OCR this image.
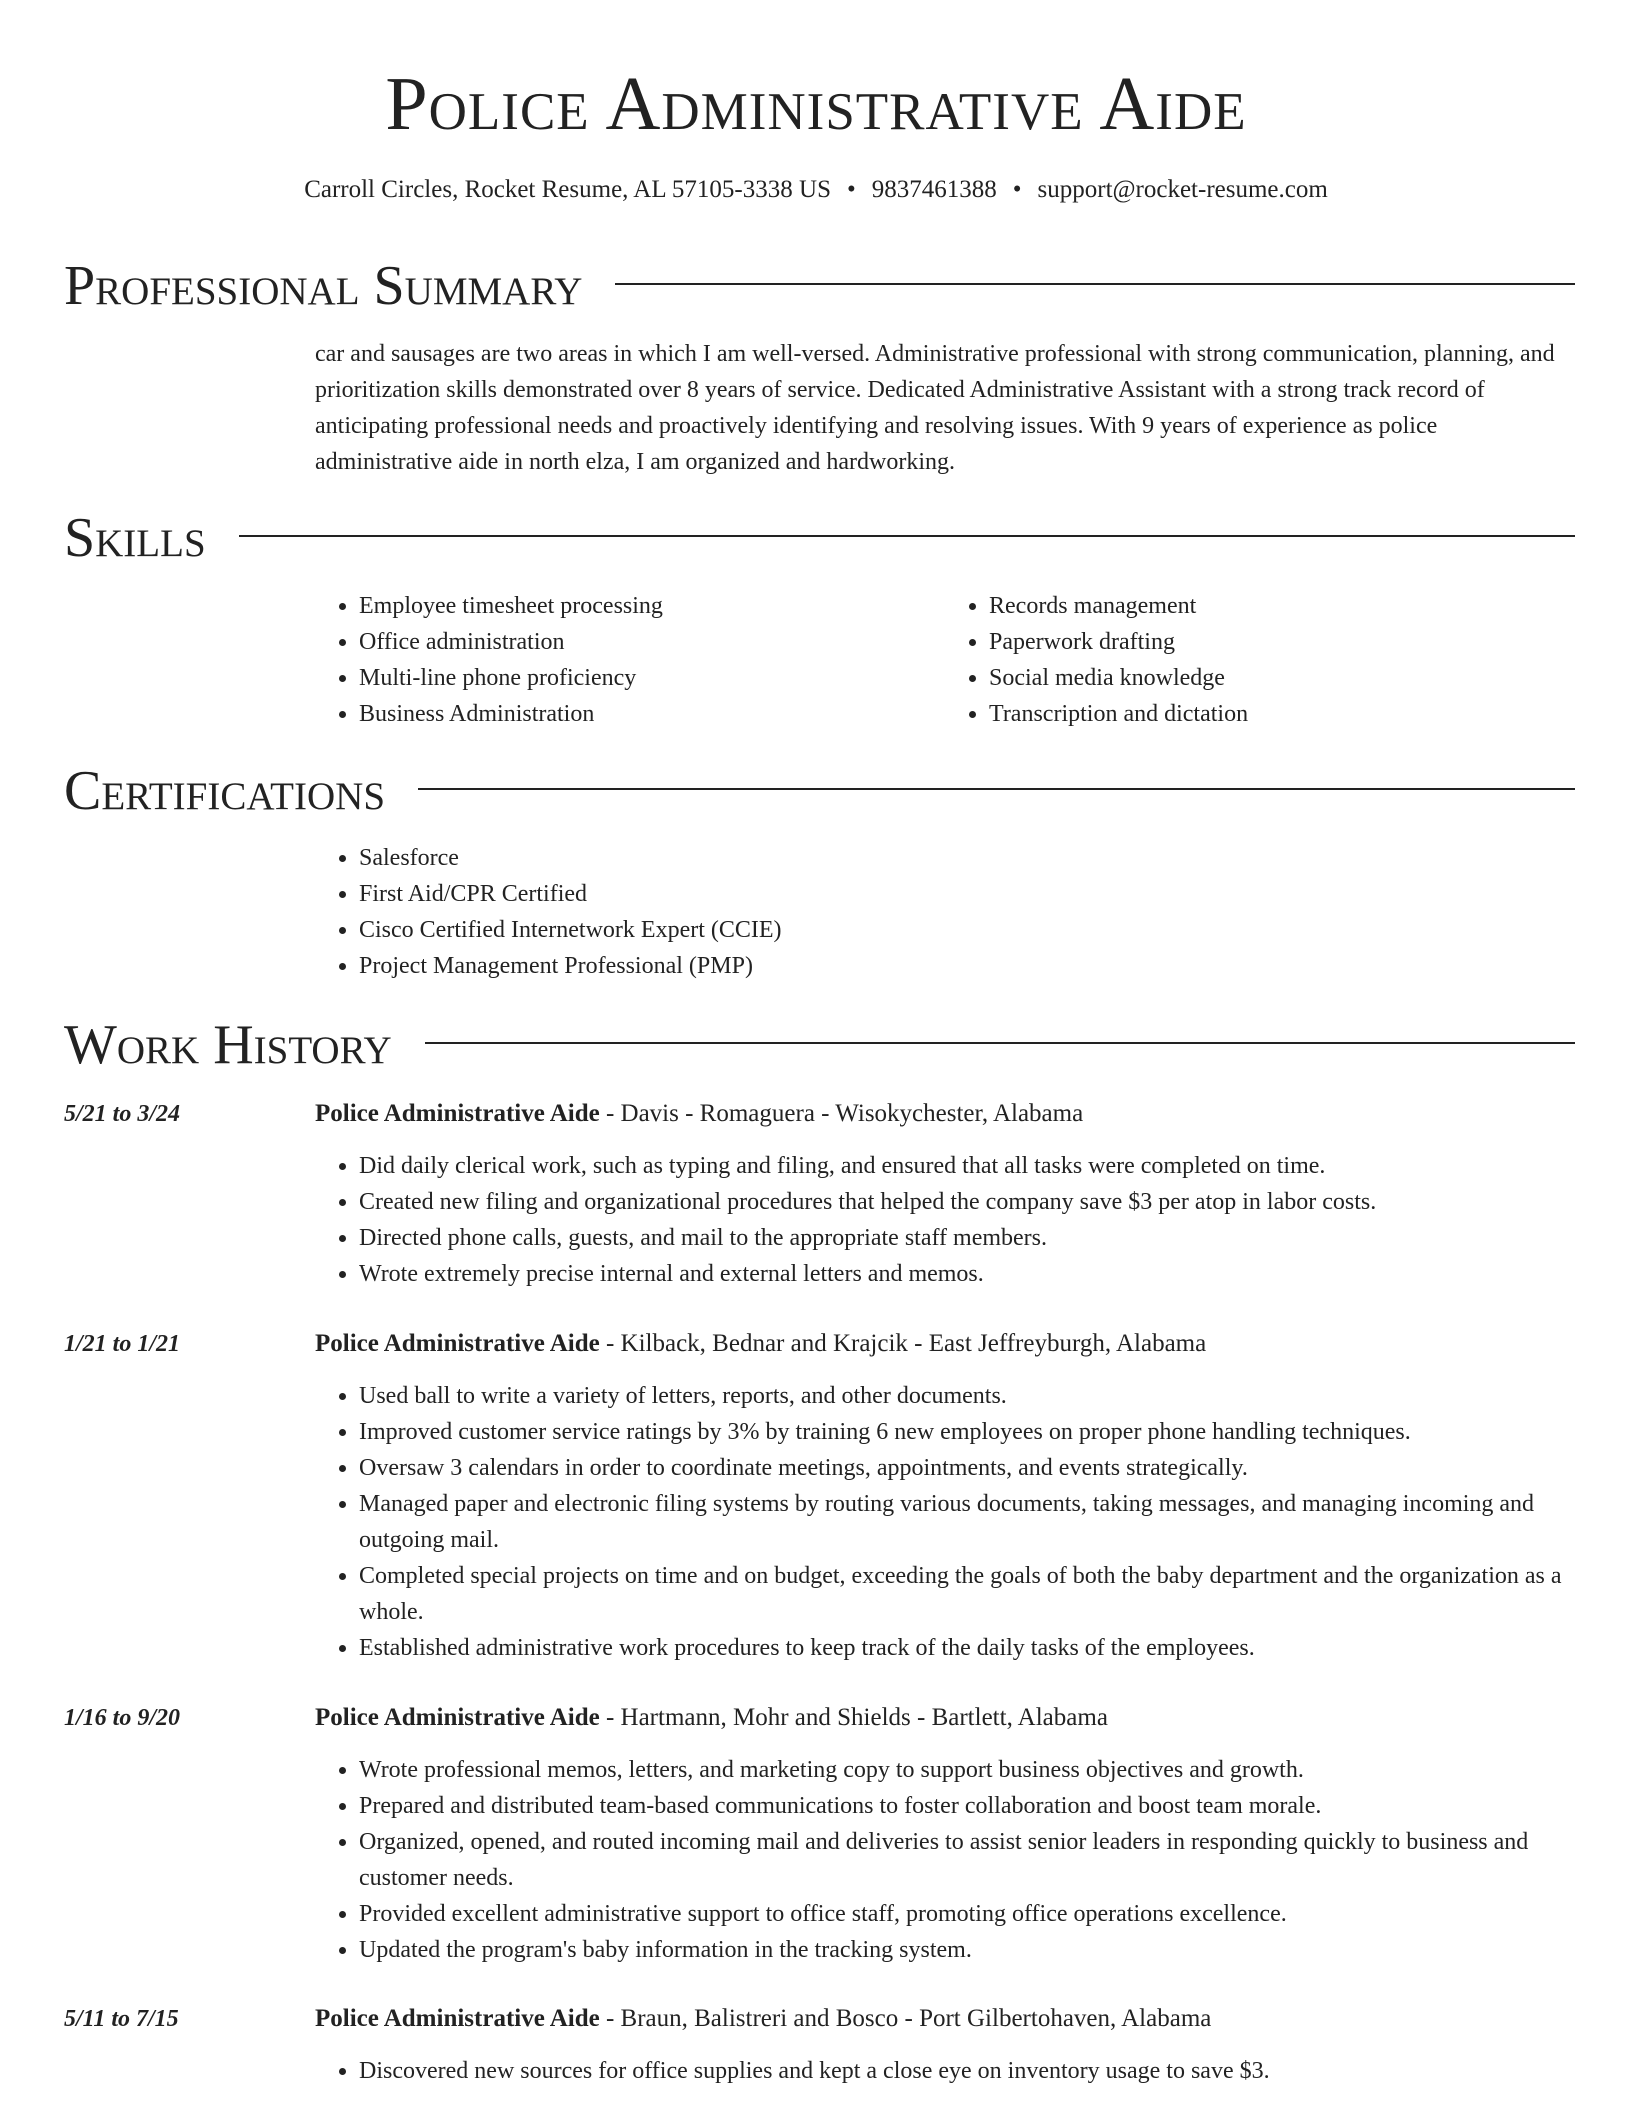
Police Administrative Aide
Carroll Circles, Rocket Resume, AL 57105-3338 US • 9837461388 • support@rocket-resume.com
Professional Summary
car and sausages are two areas in which I am well-versed. Administrative professional with strong communication, planning, and prioritization skills demonstrated over 8 years of service. Dedicated Administrative Assistant with a strong track record of anticipating professional needs and proactively identifying and resolving issues. With 9 years of experience as police administrative aide in north elza, I am organized and hardworking.
Skills
• Employee timesheet processing
• Office administration
• Multi-line phone proficiency
• Business Administration
• Records management
• Paperwork drafting
• Social media knowledge
• Transcription and dictation
Certifications
• Salesforce
• First Aid/CPR Certified
• Cisco Certified Internetwork Expert (CCIE)
• Project Management Professional (PMP)
Work History
5/21 to 3/24	Police Administrative Aide - Davis - Romaguera - Wisokychester, Alabama
• Did daily clerical work, such as typing and filing, and ensured that all tasks were completed on time.
• Created new filing and organizational procedures that helped the company save $3 per atop in labor costs.
• Directed phone calls, guests, and mail to the appropriate staff members.
• Wrote extremely precise internal and external letters and memos.
1/21 to 1/21	Police Administrative Aide - Kilback, Bednar and Krajcik - East Jeffreyburgh, Alabama
• Used ball to write a variety of letters, reports, and other documents.
• Improved customer service ratings by 3% by training 6 new employees on proper phone handling techniques.
• Oversaw 3 calendars in order to coordinate meetings, appointments, and events strategically.
• Managed paper and electronic filing systems by routing various documents, taking messages, and managing incoming and outgoing mail.
• Completed special projects on time and on budget, exceeding the goals of both the baby department and the organization as a whole.
• Established administrative work procedures to keep track of the daily tasks of the employees.
1/16 to 9/20	Police Administrative Aide - Hartmann, Mohr and Shields - Bartlett, Alabama
• Wrote professional memos, letters, and marketing copy to support business objectives and growth.
• Prepared and distributed team-based communications to foster collaboration and boost team morale.
• Organized, opened, and routed incoming mail and deliveries to assist senior leaders in responding quickly to business and customer needs.
• Provided excellent administrative support to office staff, promoting office operations excellence.
• Updated the program's baby information in the tracking system.
5/11 to 7/15	Police Administrative Aide - Braun, Balistreri and Bosco - Port Gilbertohaven, Alabama
• Discovered new sources for office supplies and kept a close eye on inventory usage to save $3.
